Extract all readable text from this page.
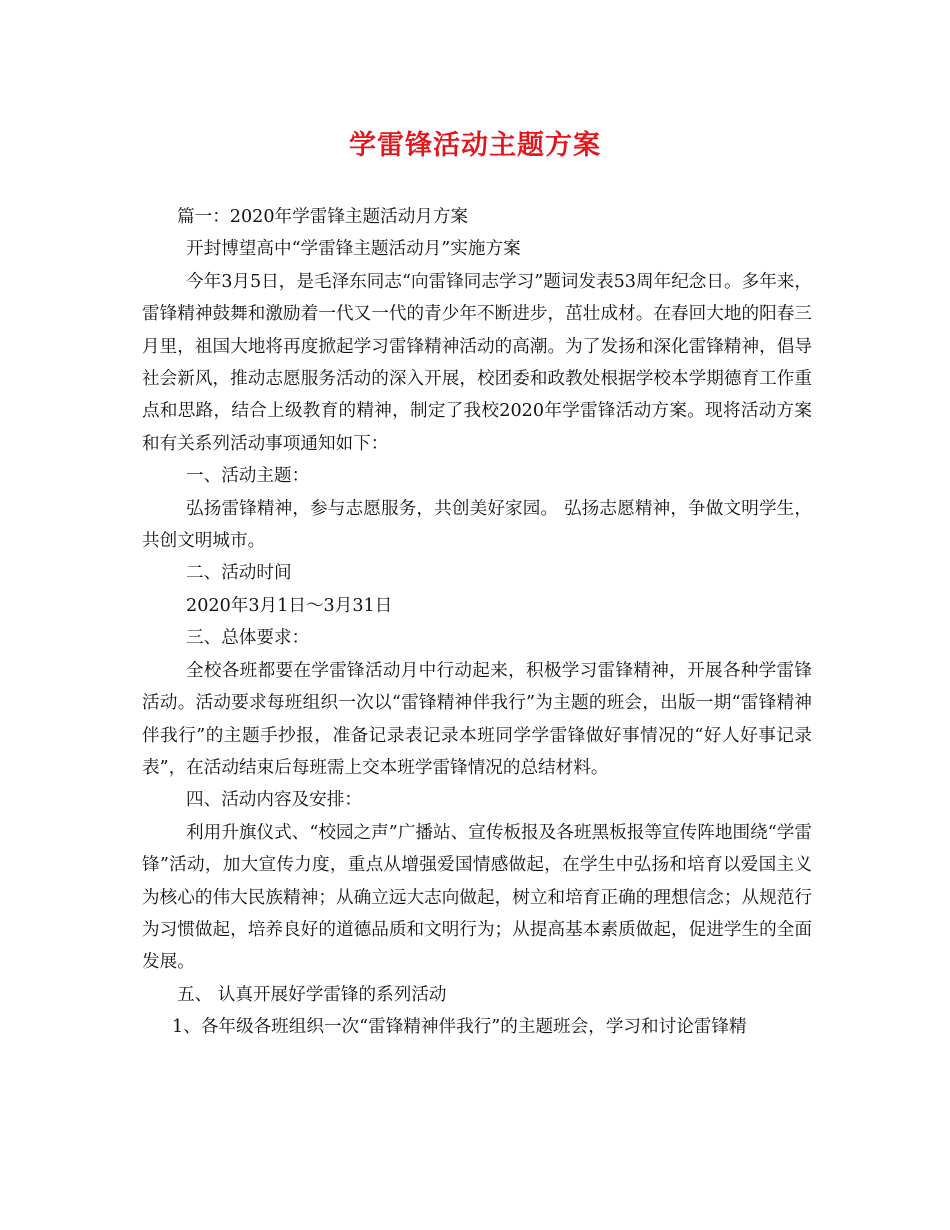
学雷锋活动主题方案

篇一：2020年学雷锋主题活动月方案

开封博望高中“学雷锋主题活动月”实施方案

今年3月5日，是毛泽东同志“向雷锋同志学习”题词发表53周年纪念日。多年来，雷锋精神鼓舞和激励着一代又一代的青少年不断进步，茁壮成材。在春回大地的阳春三月里，祖国大地将再度掀起学习雷锋精神活动的高潮。为了发扬和深化雷锋精神，倡导社会新风，推动志愿服务活动的深入开展，校团委和政教处根据学校本学期德育工作重点和思路，结合上级教育的精神，制定了我校2020年学雷锋活动方案。现将活动方案和有关系列活动事项通知如下：

一、活动主题：

弘扬雷锋精神，参与志愿服务，共创美好家园。 弘扬志愿精神，争做文明学生，共创文明城市。

二、活动时间

2020年3月1日～3月31日

三、总体要求：

全校各班都要在学雷锋活动月中行动起来，积极学习雷锋精神，开展各种学雷锋活动。活动要求每班组织一次以“雷锋精神伴我行”为主题的班会，出版一期“雷锋精神伴我行”的主题手抄报，准备记录表记录本班同学学雷锋做好事情况的“好人好事记录表”，在活动结束后每班需上交本班学雷锋情况的总结材料。

四、活动内容及安排：

利用升旗仪式、“校园之声”广播站、宣传板报及各班黑板报等宣传阵地围绕“学雷锋”活动，加大宣传力度，重点从增强爱国情感做起，在学生中弘扬和培育以爱国主义为核心的伟大民族精神；从确立远大志向做起，树立和培育正确的理想信念；从规范行为习惯做起，培养良好的道德品质和文明行为；从提高基本素质做起，促进学生的全面发展。

五、 认真开展好学雷锋的系列活动

1、各年级各班组织一次“雷锋精神伴我行”的主题班会，学习和讨论雷锋精
